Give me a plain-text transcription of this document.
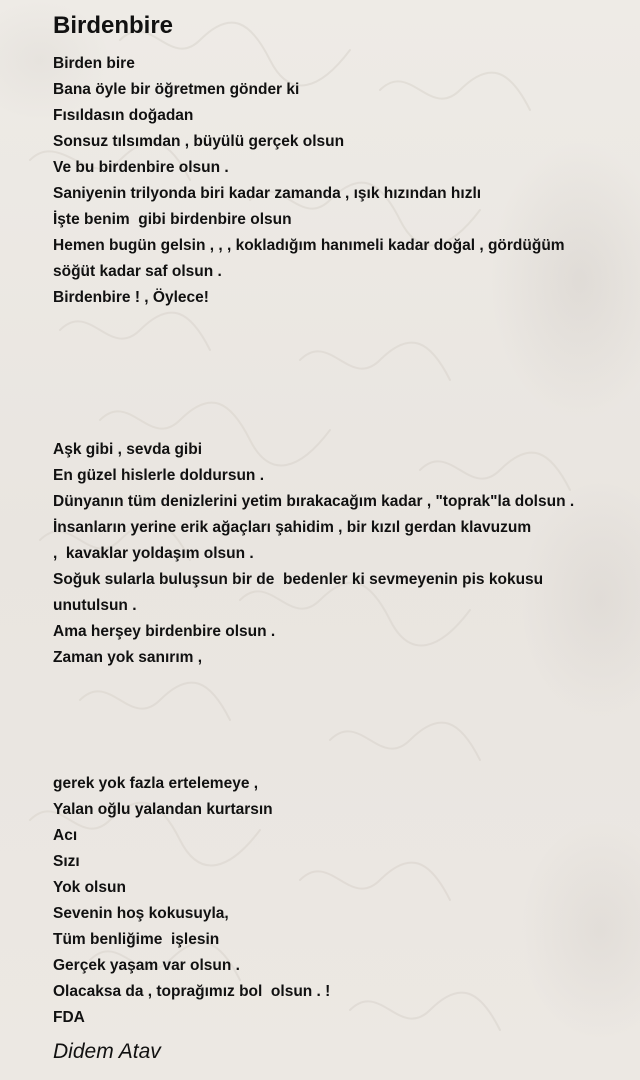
Birdenbire
Birden bire
Bana öyle bir öğretmen gönder ki
Fısıldasın doğadan
Sonsuz tılsımdan , büyülü gerçek olsun
Ve bu birdenbire olsun .
Saniyenin trilyonda biri kadar zamanda , ışık hızından hızlı
İşte benim  gibi birdenbire olsun
Hemen bugün gelsin , , , kokladığım hanımeli kadar doğal , gördüğüm
söğüt kadar saf olsun .
Birdenbire ! , Öylece!
Aşk gibi , sevda gibi
En güzel hislerle doldursun .
Dünyanın tüm denizlerini yetim bırakacağım kadar , "toprak"la dolsun .
İnsanların yerine erik ağaçları şahidim , bir kızıl gerdan klavuzum
,  kavaklar yoldaşım olsun .
Soğuk sularla buluşsun bir de  bedenler ki sevmeyenin pis kokusu
unutulsun .
Ama herşey birdenbire olsun .
Zaman yok sanırım ,
gerek yok fazla ertelemeye ,
Yalan oğlu yalandan kurtarsın
Acı
Sızı
Yok olsun
Sevenin hoş kokusuyla,
Tüm benliğime  işlesin
Gerçek yaşam var olsun .
Olacaksa da , toprağımız bol  olsun . !
FDA
Didem Atav
